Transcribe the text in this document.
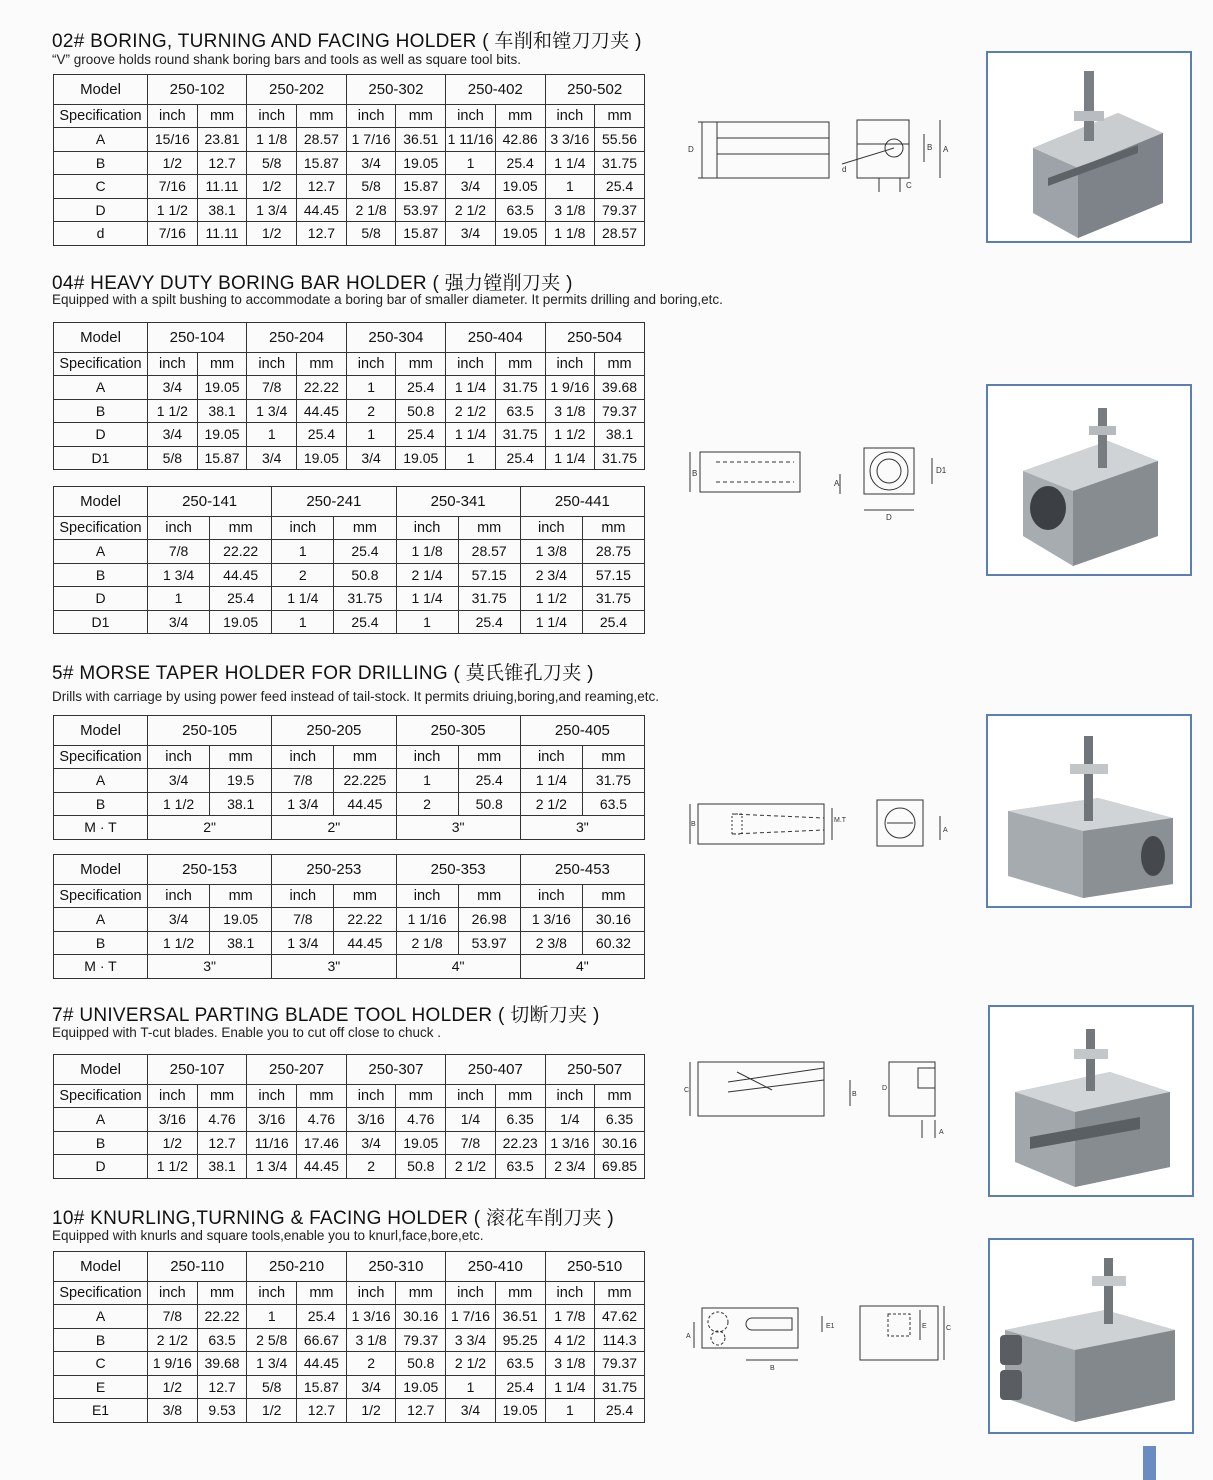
02# BORING, TURNING AND FACING HOLDER ( 车削和镗刀刀夹 )
“V” groove holds round shank boring bars and tools as well as square tool bits.
Model	250-102		250-202		250-302		250-402		250-502	
Specification	inch	mm	inch	mm	inch	mm	inch	mm	inch	mm
A	15/16	23.81	1 1/8	28.57	1 7/16	36.51	1 11/16	42.86	3 3/16	55.56
B	1/2	12.7	5/8	15.87	3/4	19.05	1	25.4	1 1/4	31.75
C	7/16	11.11	1/2	12.7	5/8	15.87	3/4	19.05	1	25.4
D	1 1/2	38.1	1 3/4	44.45	2 1/8	53.97	2 1/2	63.5	3 1/8	79.37
d	7/16	11.11	1/2	12.7	5/8	15.87	3/4	19.05	1 1/8	28.57
D
d
B A
C
04# HEAVY DUTY BORING BAR HOLDER ( 强力镗削刀夹 )
Equipped with a spilt bushing to accommodate a boring bar of smaller diameter. It permits drilling and boring,etc.
Model	250-104		250-204		250-304		250-404		250-504	
Specification	inch	mm	inch	mm	inch	mm	inch	mm	inch	mm
A	3/4	19.05	7/8	22.22	1	25.4	1 1/4	31.75	1 9/16	39.68
B	1 1/2	38.1	1 3/4	44.45	2	50.8	2 1/2	63.5	3 1/8	79.37
D	3/4	19.05	1	25.4	1	25.4	1 1/4	31.75	1 1/2	38.1
D1	5/8	15.87	3/4	19.05	3/4	19.05	1	25.4	1 1/4	31.75
Model	250-141		250-241		250-341		250-441	
Specification	inch	mm	inch	mm	inch	mm	inch	mm
A	7/8	22.22	1	25.4	1 1/8	28.57	1 3/8	28.75
B	1 3/4	44.45	2	50.8	2 1/4	57.15	2 3/4	57.15
D	1	25.4	1 1/4	31.75	1 1/4	31.75	1 1/2	31.75
D1	3/4	19.05	1	25.4	1	25.4	1 1/4	25.4
B
A
D
D1
5# MORSE TAPER HOLDER FOR DRILLING ( 莫氏锥孔刀夹 )
Drills with carriage by using power feed instead of tail-stock. It permits driuing,boring,and reaming,etc.
Model	250-105		250-205		250-305		250-405	
Specification	inch	mm	inch	mm	inch	mm	inch	mm
A	3/4	19.5	7/8	22.225	1	25.4	1 1/4	31.75
B	1 1/2	38.1	1 3/4	44.45	2	50.8	2 1/2	63.5
M · T	2"		2"		3"		3"	
Model	250-153		250-253		250-353		250-453	
Specification	inch	mm	inch	mm	inch	mm	inch	mm
A	3/4	19.05	7/8	22.22	1 1/16	26.98	1 3/16	30.16
B	1 1/2	38.1	1 3/4	44.45	2 1/8	53.97	2 3/8	60.32
M · T	3"		3"		4"		4"	
B
M.T
A
7# UNIVERSAL PARTING BLADE TOOL HOLDER ( 切断刀夹 )
Equipped with T-cut blades. Enable you to cut off close to chuck .
Model	250-107		250-207		250-307		250-407		250-507	
Specification	inch	mm	inch	mm	inch	mm	inch	mm	inch	mm
A	3/16	4.76	3/16	4.76	3/16	4.76	1/4	6.35	1/4	6.35
B	1/2	12.7	11/16	17.46	3/4	19.05	7/8	22.23	1 3/16	30.16
D	1 1/2	38.1	1 3/4	44.45	2	50.8	2 1/2	63.5	2 3/4	69.85
C
B
D
A
10# KNURLING,TURNING & FACING HOLDER ( 滚花车削刀夹 )
Equipped with knurls and square tools,enable you to knurl,face,bore,etc.
Model	250-110		250-210		250-310		250-410		250-510	
Specification	inch	mm	inch	mm	inch	mm	inch	mm	inch	mm
A	7/8	22.22	1	25.4	1 3/16	30.16	1 7/16	36.51	1 7/8	47.62
B	2 1/2	63.5	2 5/8	66.67	3 1/8	79.37	3 3/4	95.25	4 1/2	114.3
C	1 9/16	39.68	1 3/4	44.45	2	50.8	2 1/2	63.5	3 1/8	79.37
E	1/2	12.7	5/8	15.87	3/4	19.05	1	25.4	1 1/4	31.75
E1	3/8	9.53	1/2	12.7	1/2	12.7	3/4	19.05	1	25.4
A
E1
B
E	C
